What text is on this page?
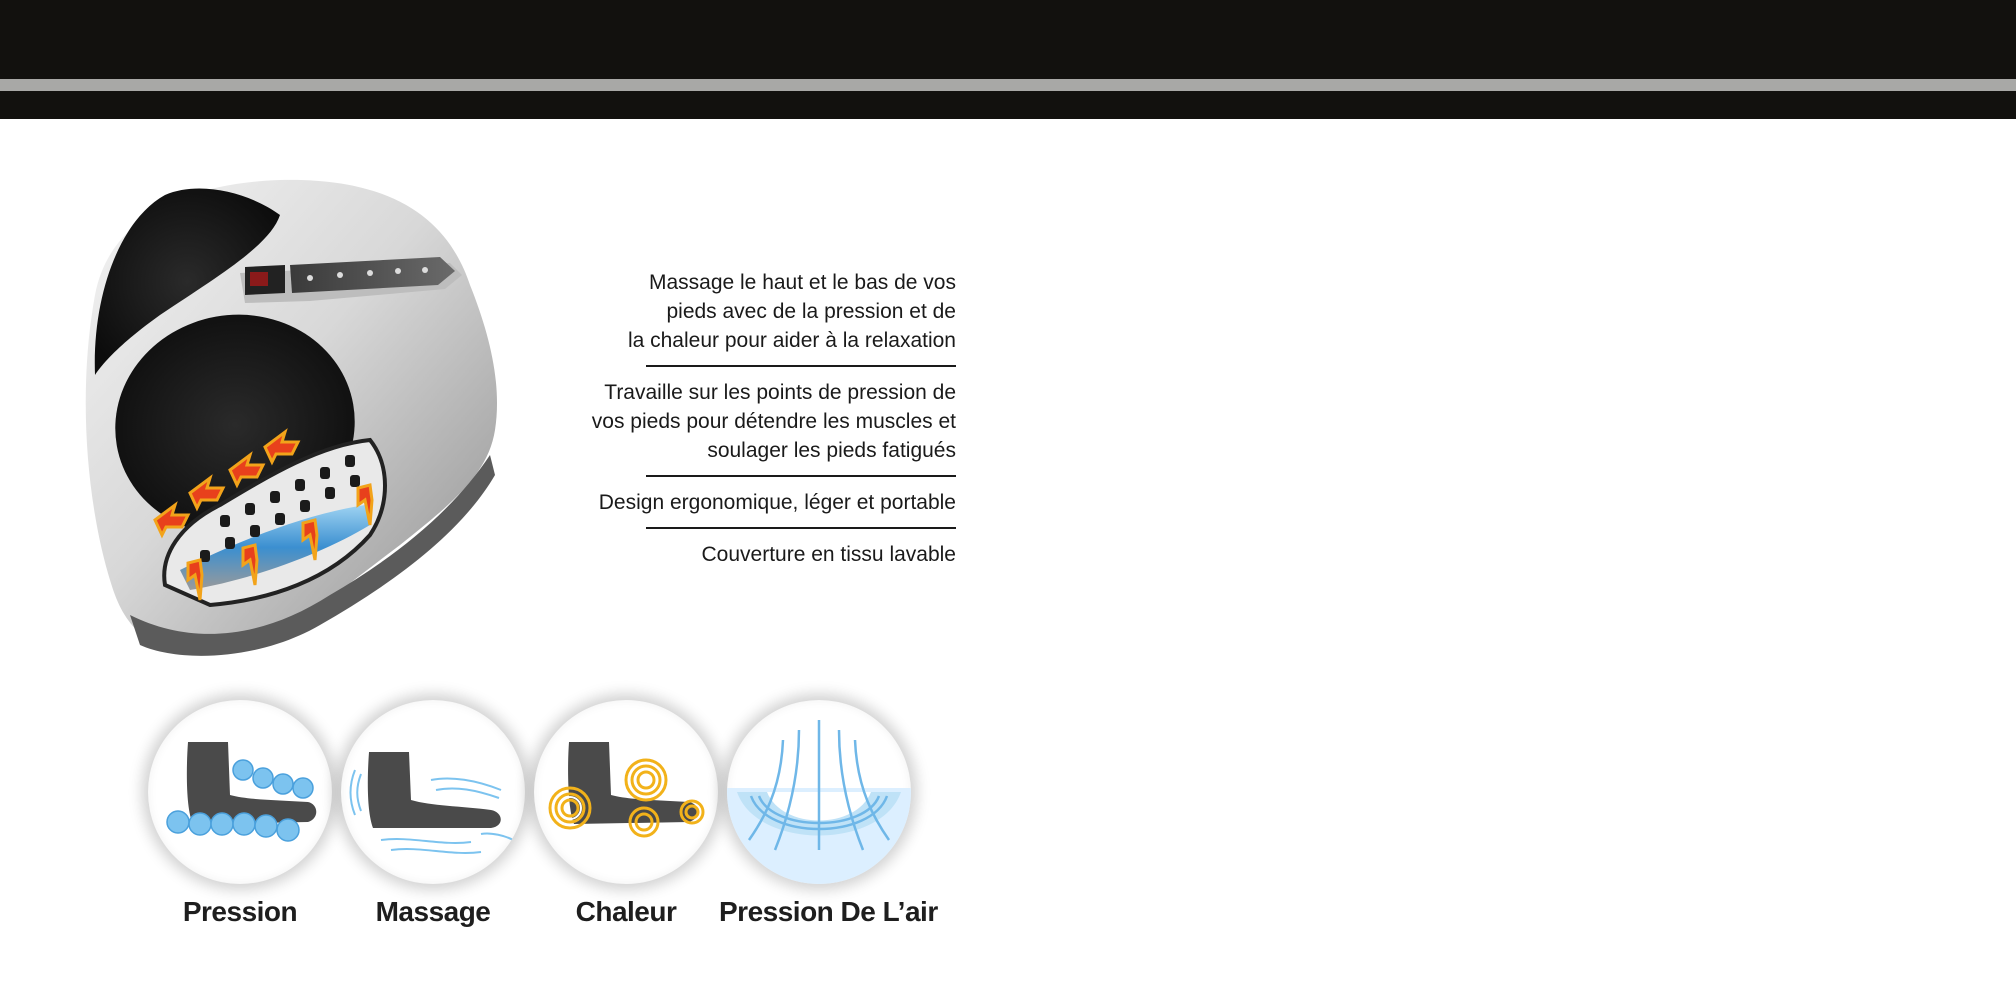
Massage le haut et le bas de vos
pieds avec de la pression et de
la chaleur pour aider à la relaxation
Travaille sur les points de pression de
vos pieds pour détendre les muscles et
soulager les pieds fatigués
Design ergonomique, léger et portable
Couverture en tissu lavable
Pression	Massage	Chaleur	Pression De L’air
